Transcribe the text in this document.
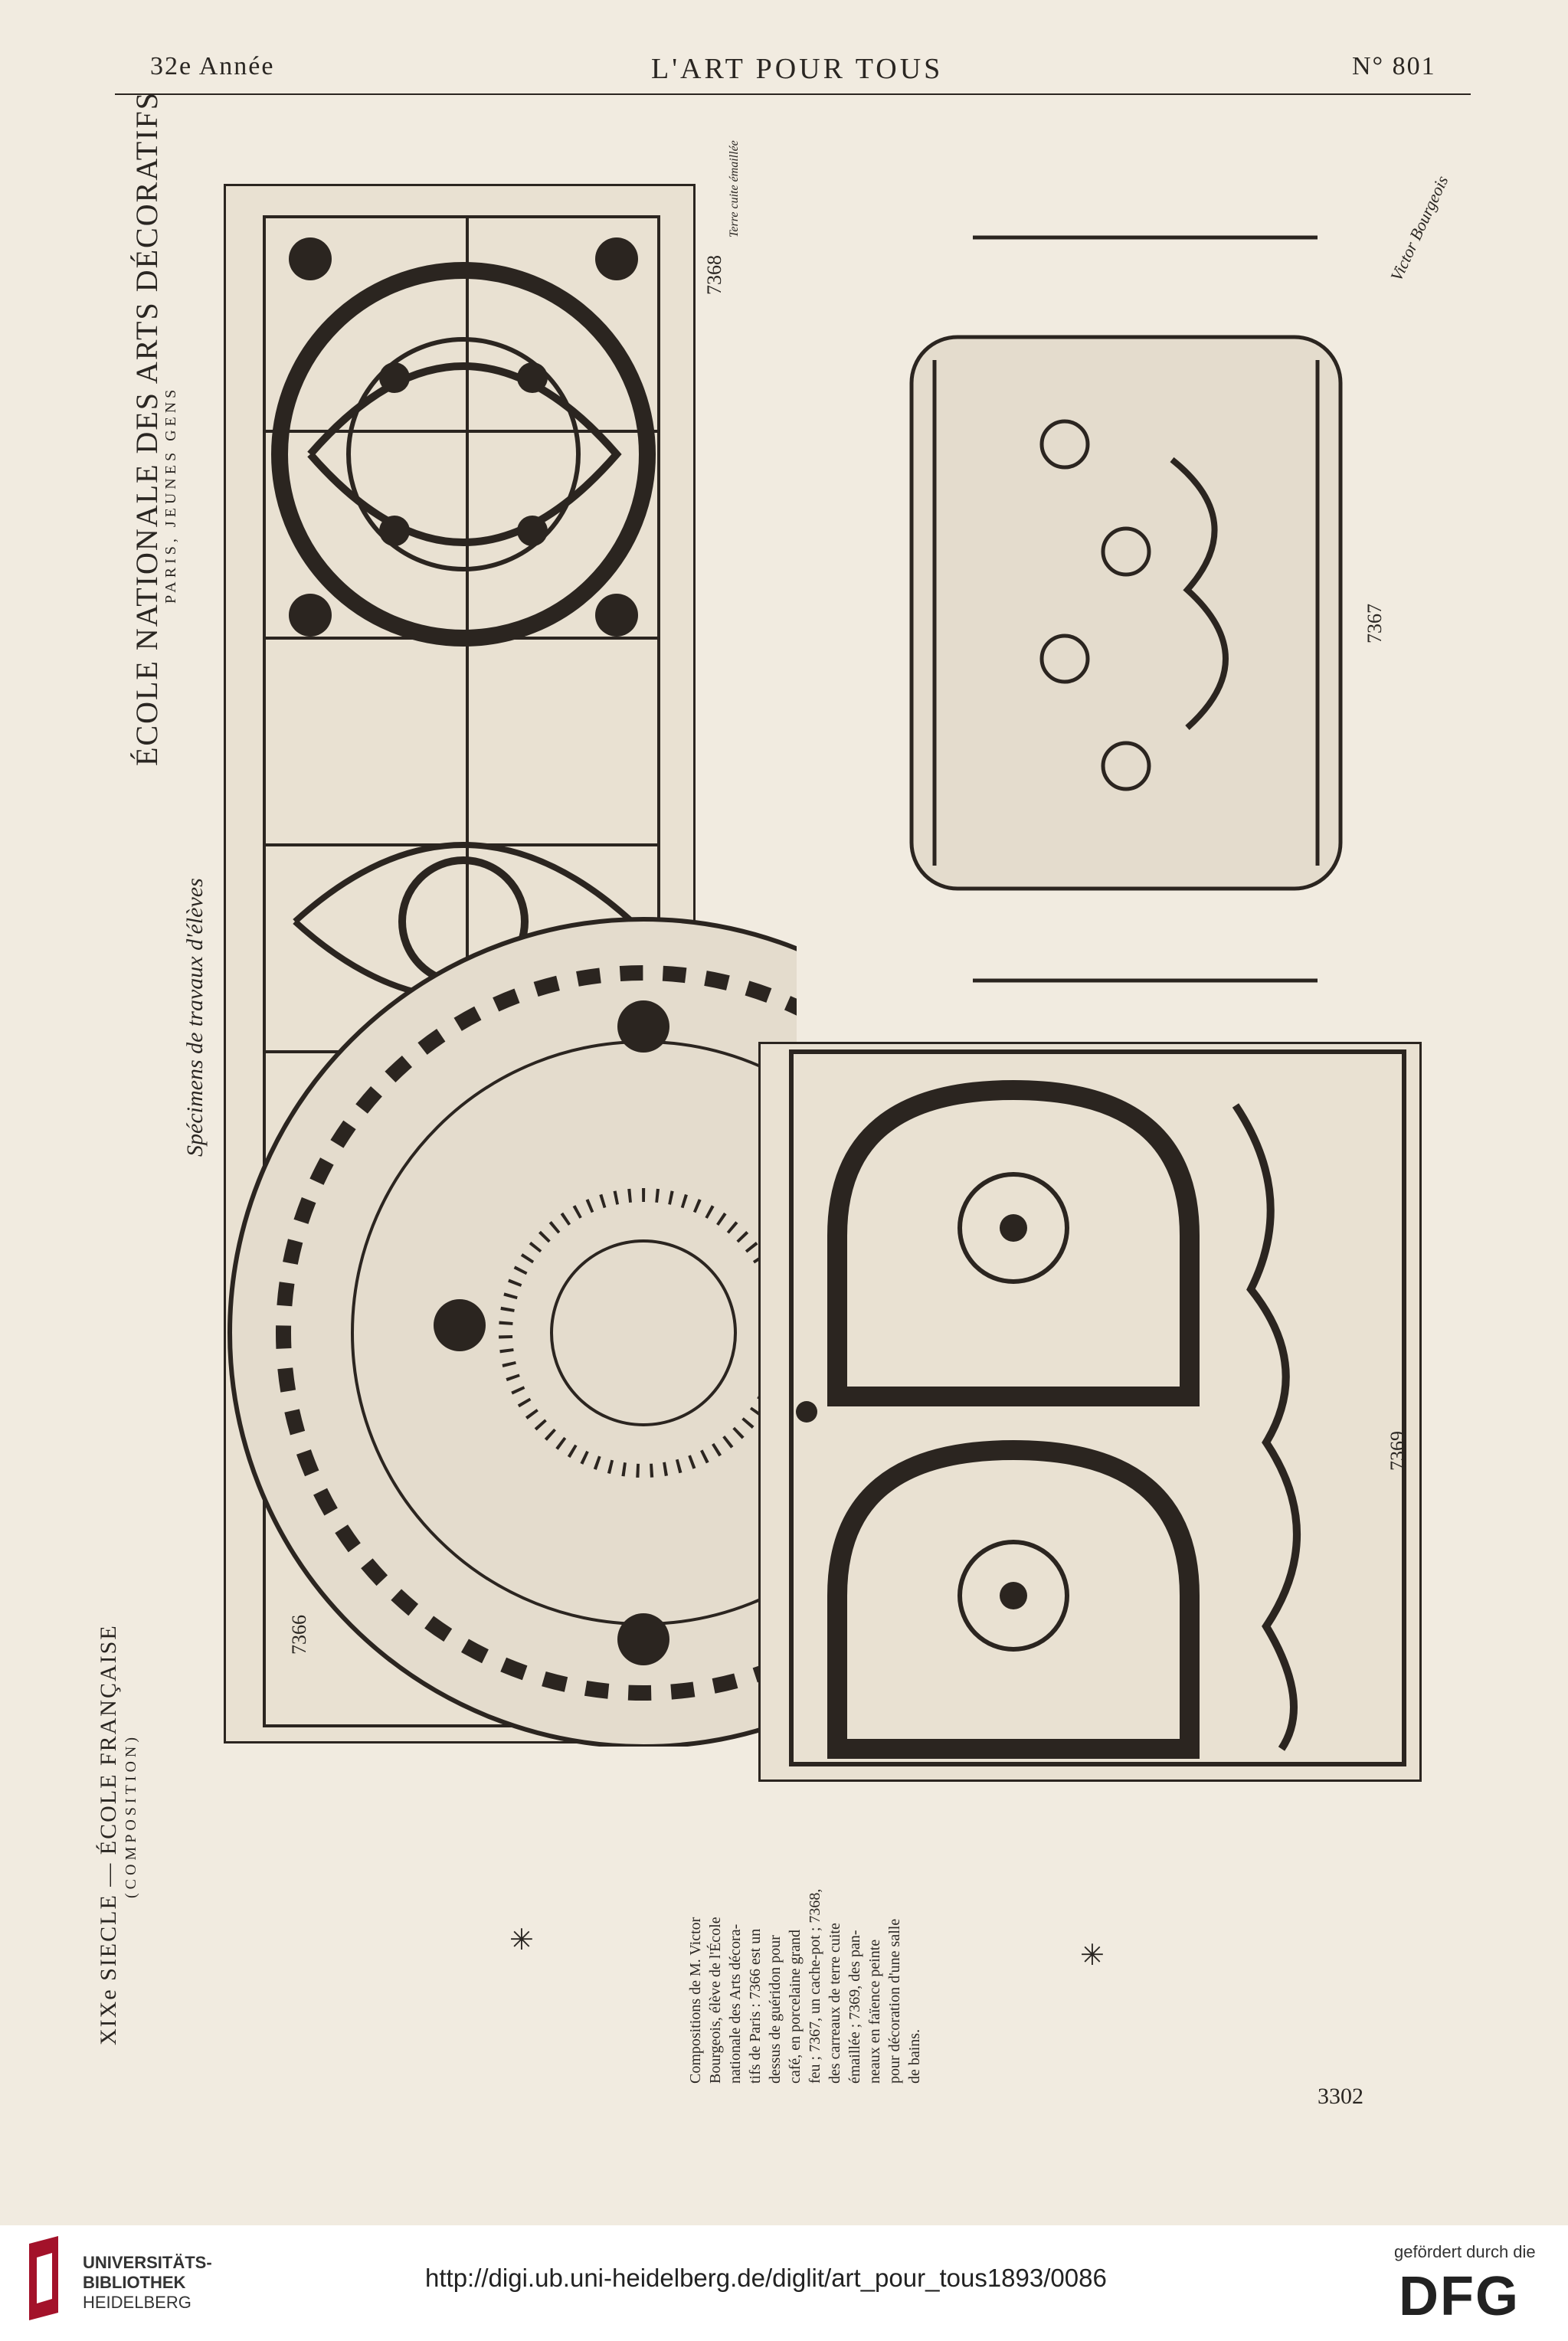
32e Année	L'ART POUR TOUS	N° 801
ÉCOLE NATIONALE DES ARTS DÉCORATIFS
PARIS, JEUNES GENS
Spécimens de travaux d'élèves
XIXe SIECLE — ÉCOLE FRANÇAISE (COMPOSITION)
7368
Terre cuite émaillée
7367
Victor Bourgeois
7366
7369
Compositions de M. Victor Bourgeois, élève de l'École nationale des Arts décora- tifs de Paris : 7366 est un dessus de guéridon pour café, en porcelaine grand feu ; 7367, un cache-pot ; 7368, des carreaux de terre cuite émaillée ; 7369, des pan- neaux en faïence peinte pour décoration d'une salle de bains.
✳	✳
3302
UNIVERSITÄTS-
BIBLIOTHEK
HEIDELBERG
http://digi.ub.uni-heidelberg.de/diglit/art_pour_tous1893/0086
gefördert durch die
DFG
